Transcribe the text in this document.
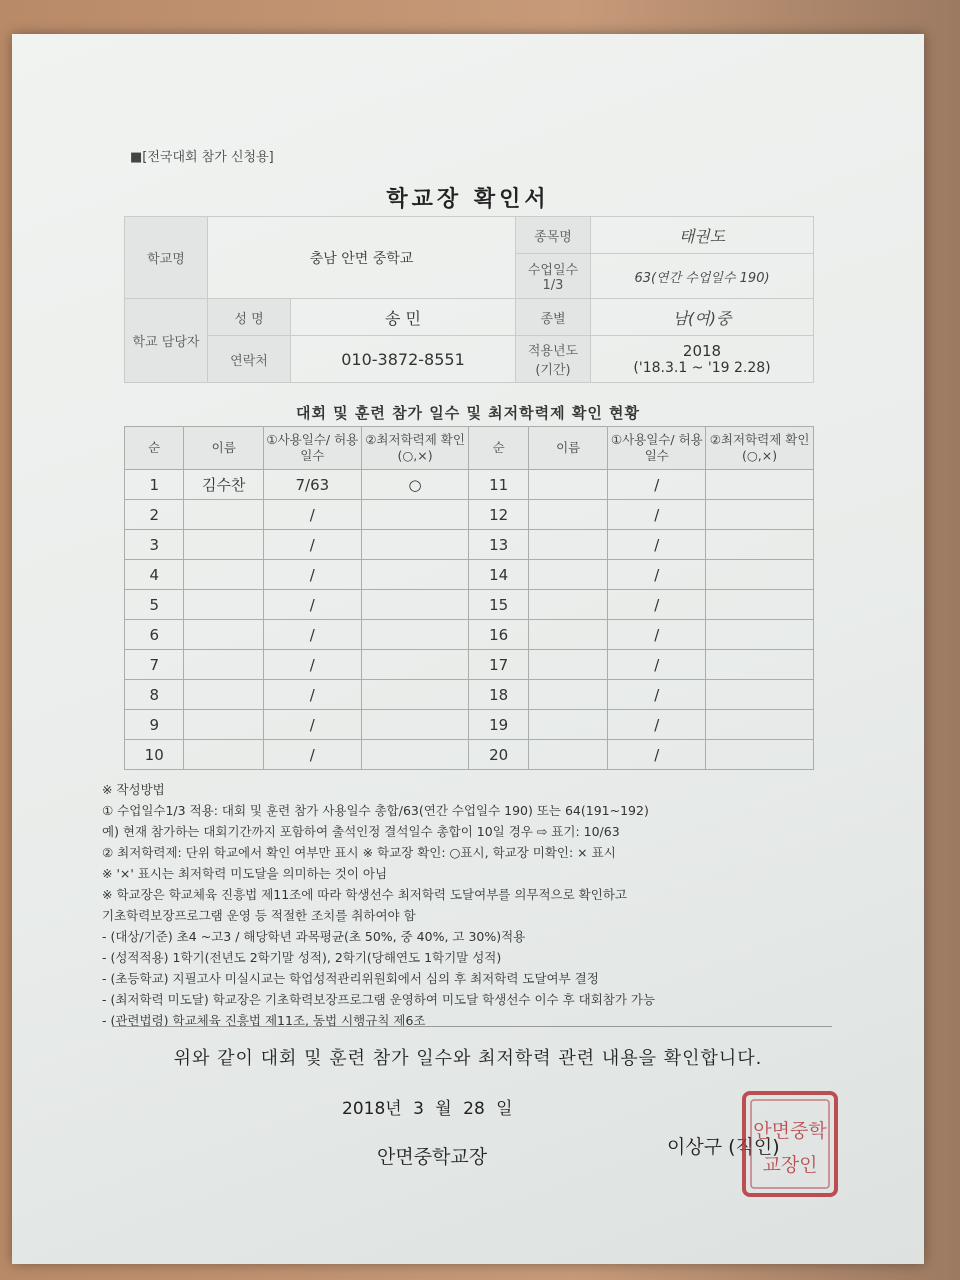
■[전국대회 참가 신청용]
학교장 확인서
학교명	충남 안면 중학교		종목명	태권도
			수업일수 1/3	63(연간 수업일수 190)
학교 담당자	성 명	송 민	종별	남(여)중
	연락처	010-3872-8551	적용년도 (기간)	2018
('18.3.1 ~ '19 2.28)
대회 및 훈련 참가 일수 및 최저학력제 확인 현황
순	이름	①사용일수/ 허용일수	②최저학력제 확인(○,×)	순	이름	①사용일수/ 허용일수	②최저학력제 확인(○,×)
1	김수찬	7/63	○	11		/	
2		/		12		/	
3		/		13		/	
4		/		14		/	
5		/		15		/	
6		/		16		/	
7		/		17		/	
8		/		18		/	
9		/		19		/	
10		/		20		/	
※ 작성방법
① 수업일수1/3 적용: 대회 및 훈련 참가 사용일수 총합/63(연간 수업일수 190) 또는 64(191~192)
예) 현재 참가하는 대회기간까지 포함하여 출석인정 결석일수 총합이 10일 경우 ⇨ 표기: 10/63
② 최저학력제: 단위 학교에서 확인 여부만 표시 ※ 학교장 확인: ○표시, 학교장 미확인: × 표시
※ '×' 표시는 최저학력 미도달을 의미하는 것이 아님
※ 학교장은 학교체육 진흥법 제11조에 따라 학생선수 최저학력 도달여부를 의무적으로 확인하고
기초학력보장프로그램 운영 등 적절한 조치를 취하여야 함
- (대상/기준) 초4 ~고3 / 해당학년 과목평균(초 50%, 중 40%, 고 30%)적용
- (성적적용) 1학기(전년도 2학기말 성적), 2학기(당해연도 1학기말 성적)
- (초등학교) 지필고사 미실시교는 학업성적관리위원회에서 심의 후 최저학력 도달여부 결정
- (최저학력 미도달) 학교장은 기초학력보장프로그램 운영하여 미도달 학생선수 이수 후 대회참가 가능
- (관련법령) 학교체육 진흥법 제11조, 동법 시행규칙 제6조
위와 같이 대회 및 훈련 참가 일수와 최저학력 관련 내용을 확인합니다.
2018년 3 월 28 일
안면중학교장	이상구 (직인)
안면중학
교장인
